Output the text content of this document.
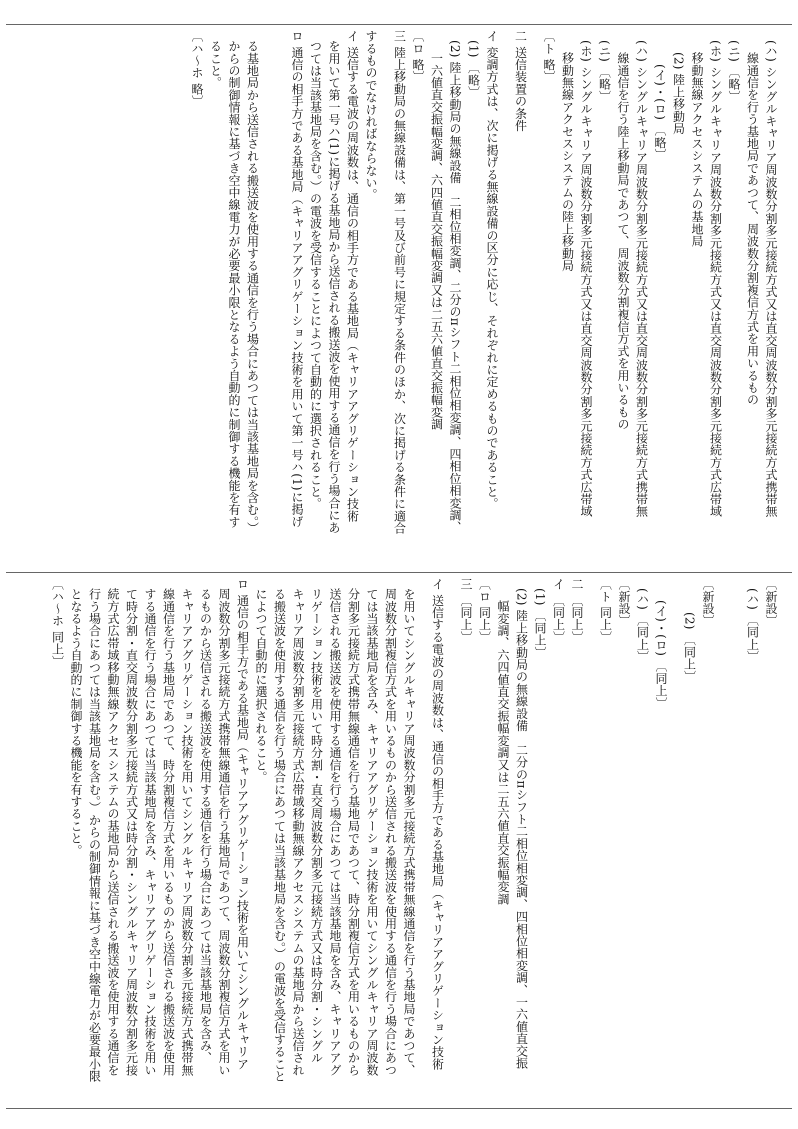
(ハ) シングルキャリア周波数分割多元接続方式又は直交周波数分割多元接続方式携帯無

線通信を行う基地局であつて、周波数分割複信方式を用いるもの

(ニ) 〔略〕

(ホ) シングルキャリア周波数分割多元接続方式又は直交周波数分割多元接続方式広帯域

移動無線アクセスシステムの基地局

(2) 陸上移動局

(イ)・(ロ) 〔略〕

(ハ) シングルキャリア周波数分割多元接続方式又は直交周波数分割多元接続方式携帯無

線通信を行う陸上移動局であつて、周波数分割複信方式を用いるもの

(ニ) 〔略〕

(ホ) シングルキャリア周波数分割多元接続方式又は直交周波数分割多元接続方式広帯域

移動無線アクセスシステムの陸上移動局

〔ト 略〕

二 送信装置の条件

イ 変調方式は、次に掲げる無線設備の区分に応じ、それぞれに定めるものであること。

(1) 〔略〕

(2) 陸上移動局の無線設備　二相位相変調、二分のπシフト二相位相変調、四相位相変調、

一六値直交振幅変調、六四値直交振幅変調又は二五六値直交振幅変調

〔ロ 略〕

三 陸上移動局の無線設備は、第一号及び前号に規定する条件のほか、次に掲げる条件に適合

するものでなければならない。

イ 送信する電波の周波数は、通信の相手方である基地局（キャリアアグリゲーション技術

を用いて第一号ハ(1)に掲げる基地局から送信される搬送波を使用する通信を行う場合にあ

つては当該基地局を含む。）の電波を受信することによつて自動的に選択されること。

ロ 通信の相手方である基地局（キャリアアグリゲーション技術を用いて第一号ハ(1)に掲げ

る基地局から送信される搬送波を使用する通信を行う場合にあつては当該基地局を含む。）

からの制御情報に基づき空中線電力が必要最小限となるよう自動的に制御する機能を有す

ること。

〔ハ～ホ 略〕

〔新設〕

(ハ) 〔同上〕

〔新設〕

(2) 〔同上〕

(イ)・(ロ) 〔同上〕

(ハ) 〔同上〕

〔新設〕

〔ト 同上〕

二 〔同上〕

イ 〔同上〕

(1) 〔同上〕

(2) 陸上移動局の無線設備　二分のπシフト二相位相変調、四相位相変調、一六値直交振

幅変調、六四値直交振幅変調又は二五六値直交振幅変調

〔ロ 同上〕

三 〔同上〕

イ 送信する電波の周波数は、通信の相手方である基地局（キャリアアグリゲーション技術

を用いてシングルキャリア周波数分割多元接続方式携帯無線通信を行う基地局であつて、

周波数分割複信方式を用いるものから送信される搬送波を使用する通信を行う場合にあつ

ては当該基地局を含み、キャリアアグリゲーション技術を用いてシングルキャリア周波数

分割多元接続方式携帯無線通信を行う基地局であつて、時分割複信方式を用いるものから

送信される搬送波を使用する通信を行う場合にあつては当該基地局を含み、キャリアアグ

リゲーション技術を用いて時分割・直交周波数分割多元接続方式又は時分割・シングル

キャリア周波数分割多元接続方式広帯域移動無線アクセスシステムの基地局から送信され

る搬送波を使用する通信を行う場合にあつては当該基地局を含む。）の電波を受信すること

によつて自動的に選択されること。

ロ 通信の相手方である基地局（キャリアアグリゲーション技術を用いてシングルキャリア

周波数分割多元接続方式携帯無線通信を行う基地局であつて、周波数分割複信方式を用い

るものから送信される搬送波を使用する通信を行う場合にあつては当該基地局を含み、

キャリアアグリゲーション技術を用いてシングルキャリア周波数分割多元接続方式携帯無

線通信を行う基地局であつて、時分割複信方式を用いるものから送信される搬送波を使用

する通信を行う場合にあつては当該基地局を含み、キャリアアグリゲーション技術を用い

て時分割・直交周波数分割多元接続方式又は時分割・シングルキャリア周波数分割多元接

続方式広帯域移動無線アクセスシステムの基地局から送信される搬送波を使用する通信を

行う場合にあつては当該基地局を含む。）からの制御情報に基づき空中線電力が必要最小限

となるよう自動的に制御する機能を有すること。

〔ハ～ホ 同上〕
